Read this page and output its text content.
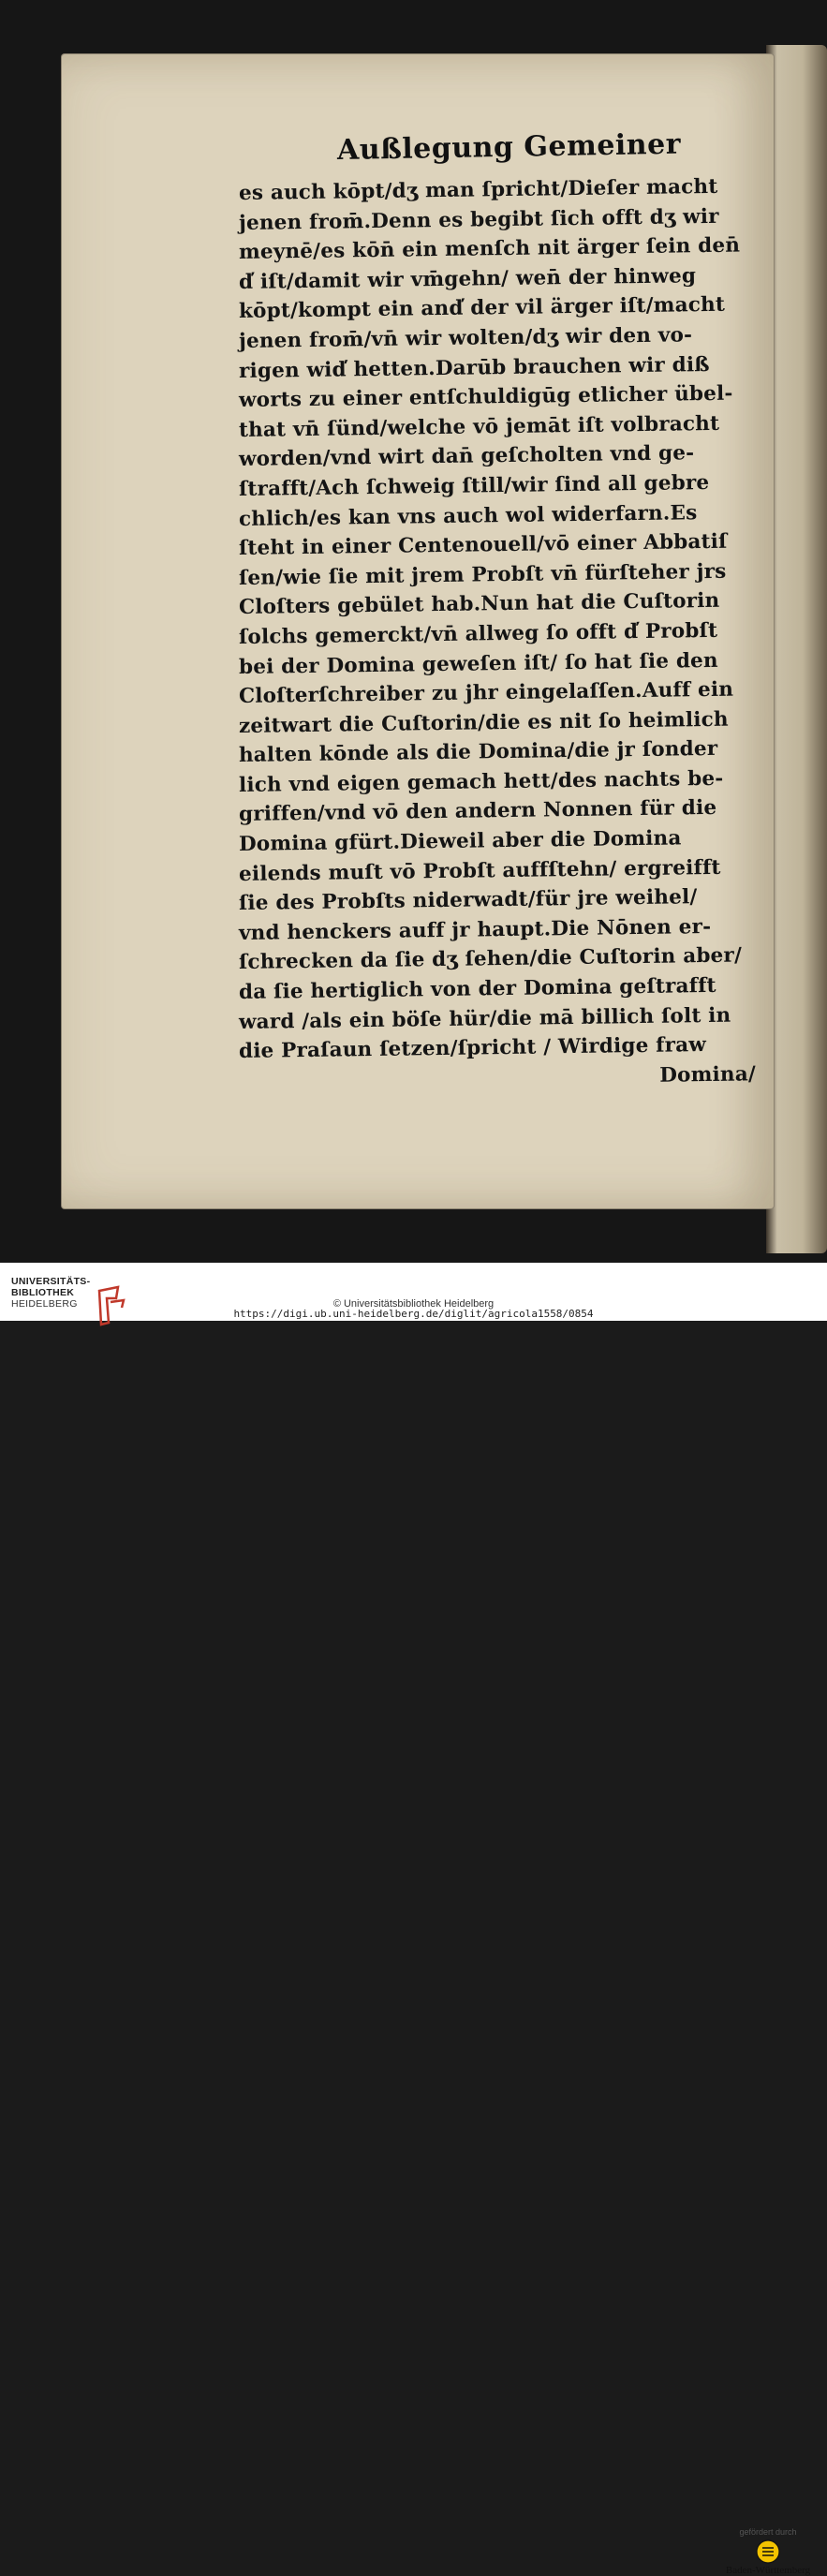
Außlegung Gemeiner
es auch kōpt/dʒ man ſpricht/Dieſer macht
jenen from̄.Denn es begibt ſich offt dʒ wir
meynē/es kōn̄ ein menſch nit ärger ſein den̄
d̕ iſt/damit wir vm̄gehn/ wen̄ der hinweg
kōpt/kompt ein and̕ der vil ärger iſt/macht
jenen from̄/vn̄ wir wolten/dʒ wir den vo-
rigen wid̕ hetten.Darūb brauchen wir diß
worts zu einer entſchuldigūg etlicher übel-
that vn̄ ſünd/welche vō jemāt iſt volbracht
worden/vnd wirt dan̄ geſcholten vnd ge-
ſtrafft/Ach ſchweig ſtill/wir ſind all gebre
chlich/es kan vns auch wol widerfarn.Es
ſteht in einer Centenouell/vō einer Abbatiſ
ſen/wie ſie mit jrem Probſt vn̄ fürſteher jrs
Cloſters gebület hab.Nun hat die Cuſtorin
ſolchs gemerckt/vn̄ allweg ſo offt d̕ Probſt
bei der Domina geweſen iſt/ ſo hat ſie den
Cloſterſchreiber zu jhr eingelaſſen.Auff ein
zeitwart die Cuſtorin/die es nit ſo heimlich
halten kōnde als die Domina/die jr ſonder
lich vnd eigen gemach hett/des nachts be-
griffen/vnd vō den andern Nonnen für die
Domina gfürt.Dieweil aber die Domina
eilends muſt vō Probſt auffſtehn/ ergreifft
ſie des Probſts niderwadt/für jre weihel/
vnd henckers auff jr haupt.Die Nōnen er-
ſchrecken da ſie dʒ ſehen/die Cuſtorin aber/
da ſie hertiglich von der Domina geſtrafft
ward /als ein böſe hür/die mā billich ſolt in
die Praſaun ſetzen/ſpricht / Wirdige fraw
Domina/
UNIVERSITÄTS-
BIBLIOTHEK
HEIDELBERG
gefördert durch
Baden-Württemberg
© Universitätsbibliothek Heidelberg
https://digi.ub.uni-heidelberg.de/diglit/agricola1558/0854
